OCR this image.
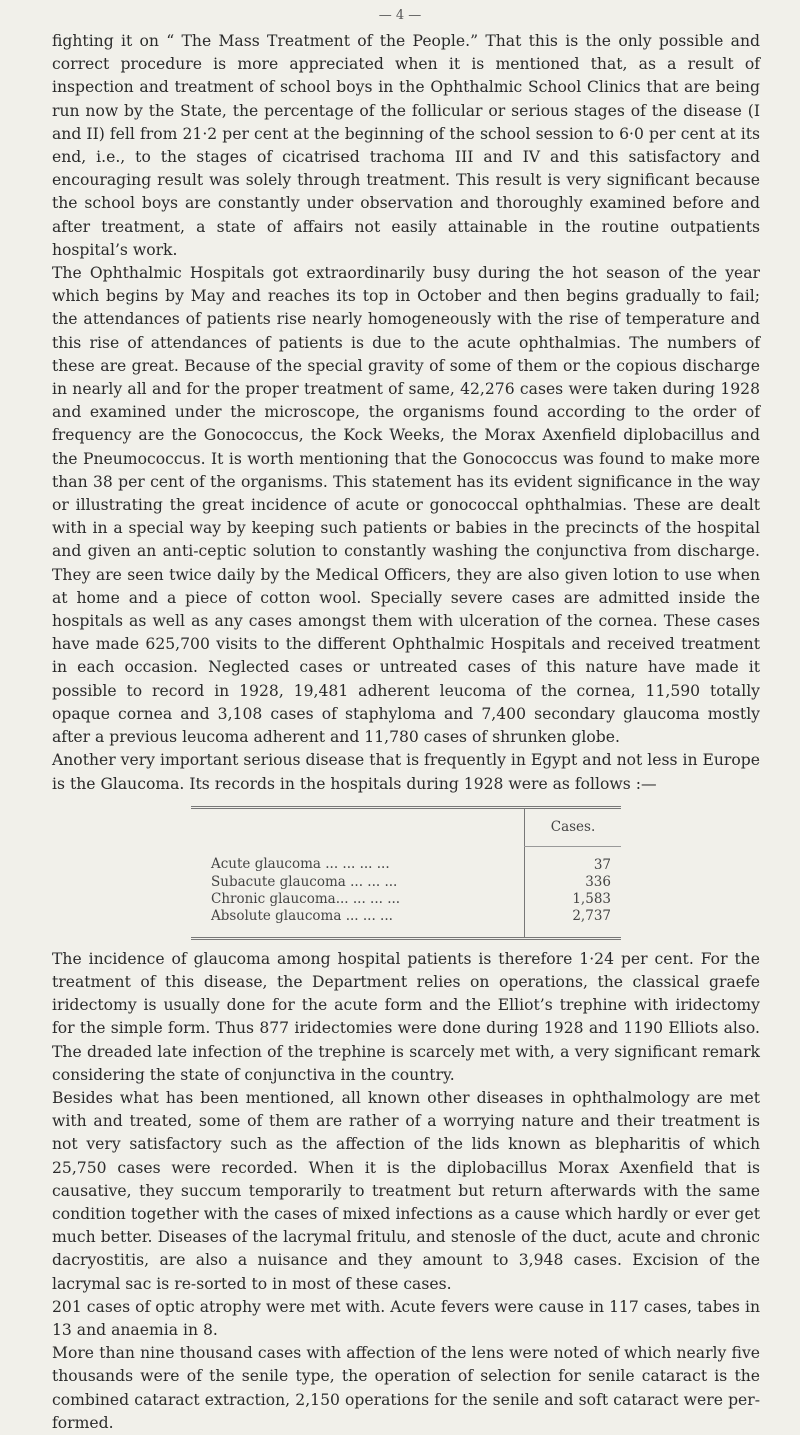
— 4 —

fighting it on “ The Mass Treatment of the People.” That this is the only possible and correct procedure is more appreciated when it is mentioned that, as a result of inspection and treatment of school boys in the Ophthalmic School Clinics that are being run now by the State, the percentage of the follicular or serious stages of the disease (I and II) fell from 21·2 per cent at the beginning of the school session to 6·0 per cent at its end, i.e., to the stages of cicatrised trachoma III and IV and this satisfactory and encouraging result was solely through treatment. This result is very significant because the school boys are constantly under observation and thoroughly examined before and after treatment, a state of affairs not easily attainable in the routine outpatients hospital’s work.

The Ophthalmic Hospitals got extraordinarily busy during the hot season of the year which begins by May and reaches its top in October and then begins gradually to fail; the attendances of patients rise nearly homogeneously with the rise of temperature and this rise of attendances of patients is due to the acute ophthalmias. The numbers of these are great. Because of the special gravity of some of them or the copious discharge in nearly all and for the proper treatment of same, 42,276 cases were taken during 1928 and examined under the microscope, the organisms found according to the order of frequency are the Gonococcus, the Kock Weeks, the Morax Axenfield diplobacillus and the Pneumococcus. It is worth mentioning that the Gonococcus was found to make more than 38 per cent of the organisms. This statement has its evident significance in the way or illustrating the great incidence of acute or gonococcal ophthalmias. These are dealt with in a special way by keeping such patients or babies in the precincts of the hospital and given an anti-ceptic solution to constantly washing the conjunctiva from discharge. They are seen twice daily by the Medical Officers, they are also given lotion to use when at home and a piece of cotton wool. Specially severe cases are admitted inside the hospitals as well as any cases amongst them with ulceration of the cornea. These cases have made 625,700 visits to the different Ophthalmic Hospitals and received treatment in each occasion. Neglected cases or untreated cases of this nature have made it possible to record in 1928, 19,481 adherent leucoma of the cornea, 11,590 totally opaque cornea and 3,108 cases of staphyloma and 7,400 secondary glaucoma mostly after a previous leucoma adherent and 11,780 cases of shrunken globe.

Another very important serious disease that is frequently in Egypt and not less in Europe is the Glaucoma. Its records in the hospitals during 1928 were as follows :—

	Cases.
Acute glaucoma ... ... ... ...	37
Subacute glaucoma ... ... ...	336
Chronic glaucoma... ... ... ...	1,583
Absolute glaucoma ... ... ...	2,737

The incidence of glaucoma among hospital patients is therefore 1·24 per cent. For the treatment of this disease, the Department relies on operations, the classical graefe iridectomy is usually done for the acute form and the Elliot’s trephine with iridectomy for the simple form. Thus 877 iridectomies were done during 1928 and 1190 Elliots also. The dreaded late infection of the trephine is scarcely met with, a very significant remark considering the state of conjunctiva in the country.

Besides what has been mentioned, all known other diseases in ophthalmology are met with and treated, some of them are rather of a worrying nature and their treatment is not very satisfactory such as the affection of the lids known as blepharitis of which 25,750 cases were recorded. When it is the diplobacillus Morax Axenfield that is causative, they succum temporarily to treatment but return afterwards with the same condition together with the cases of mixed infections as a cause which hardly or ever get much better. Diseases of the lacrymal fritulu, and stenosle of the duct, acute and chronic dacryostitis, are also a nuisance and they amount to 3,948 cases. Excision of the lacrymal sac is re-sorted to in most of these cases.

201 cases of optic atrophy were met with. Acute fevers were cause in 117 cases, tabes in 13 and anaemia in 8.

More than nine thousand cases with affection of the lens were noted of which nearly five thousands were of the senile type, the operation of selection for senile cataract is the combined cataract extraction, 2,150 operations for the senile and soft cataract were per-formed.
